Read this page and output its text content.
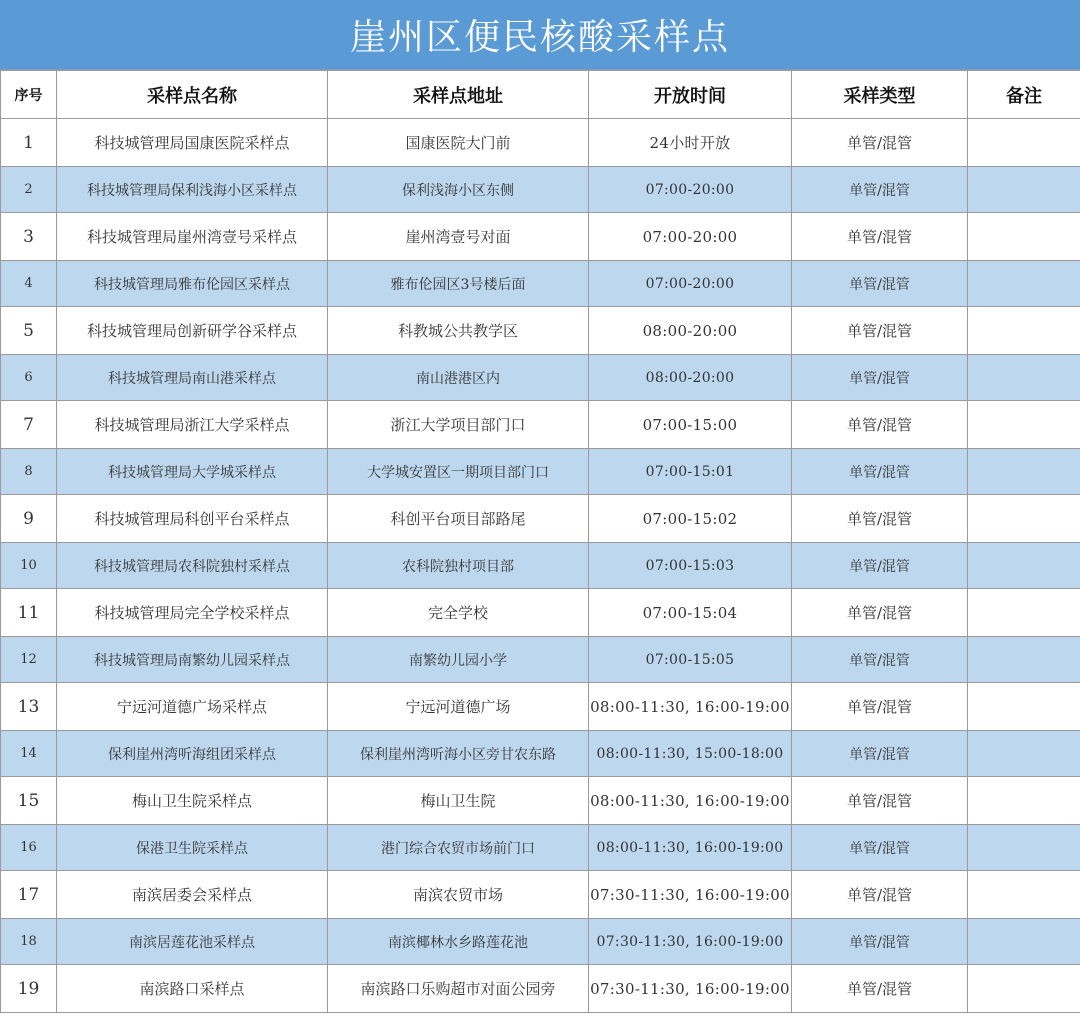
崖州区便民核酸采样点
序号	采样点名称	采样点地址	开放时间	采样类型	备注
1	科技城管理局国康医院采样点	国康医院大门前	24小时开放	单管/混管	
2	科技城管理局保利浅海小区采样点	保利浅海小区东侧	07:00-20:00	单管/混管	
3	科技城管理局崖州湾壹号采样点	崖州湾壹号对面	07:00-20:00	单管/混管	
4	科技城管理局雅布伦园区采样点	雅布伦园区3号楼后面	07:00-20:00	单管/混管	
5	科技城管理局创新研学谷采样点	科教城公共教学区	08:00-20:00	单管/混管	
6	科技城管理局南山港采样点	南山港港区内	08:00-20:00	单管/混管	
7	科技城管理局浙江大学采样点	浙江大学项目部门口	07:00-15:00	单管/混管	
8	科技城管理局大学城采样点	大学城安置区一期项目部门口	07:00-15:01	单管/混管	
9	科技城管理局科创平台采样点	科创平台项目部路尾	07:00-15:02	单管/混管	
10	科技城管理局农科院独村采样点	农科院独村项目部	07:00-15:03	单管/混管	
11	科技城管理局完全学校采样点	完全学校	07:00-15:04	单管/混管	
12	科技城管理局南繁幼儿园采样点	南繁幼儿园小学	07:00-15:05	单管/混管	
13	宁远河道德广场采样点	宁远河道德广场	08:00-11:30, 16:00-19:00	单管/混管	
14	保利崖州湾听海组团采样点	保利崖州湾听海小区旁甘农东路	08:00-11:30, 15:00-18:00	单管/混管	
15	梅山卫生院采样点	梅山卫生院	08:00-11:30, 16:00-19:00	单管/混管	
16	保港卫生院采样点	港门综合农贸市场前门口	08:00-11:30, 16:00-19:00	单管/混管	
17	南滨居委会采样点	南滨农贸市场	07:30-11:30, 16:00-19:00	单管/混管	
18	南滨居莲花池采样点	南滨椰林水乡路莲花池	07:30-11:30, 16:00-19:00	单管/混管	
19	南滨路口采样点	南滨路口乐购超市对面公园旁	07:30-11:30, 16:00-19:00	单管/混管	
